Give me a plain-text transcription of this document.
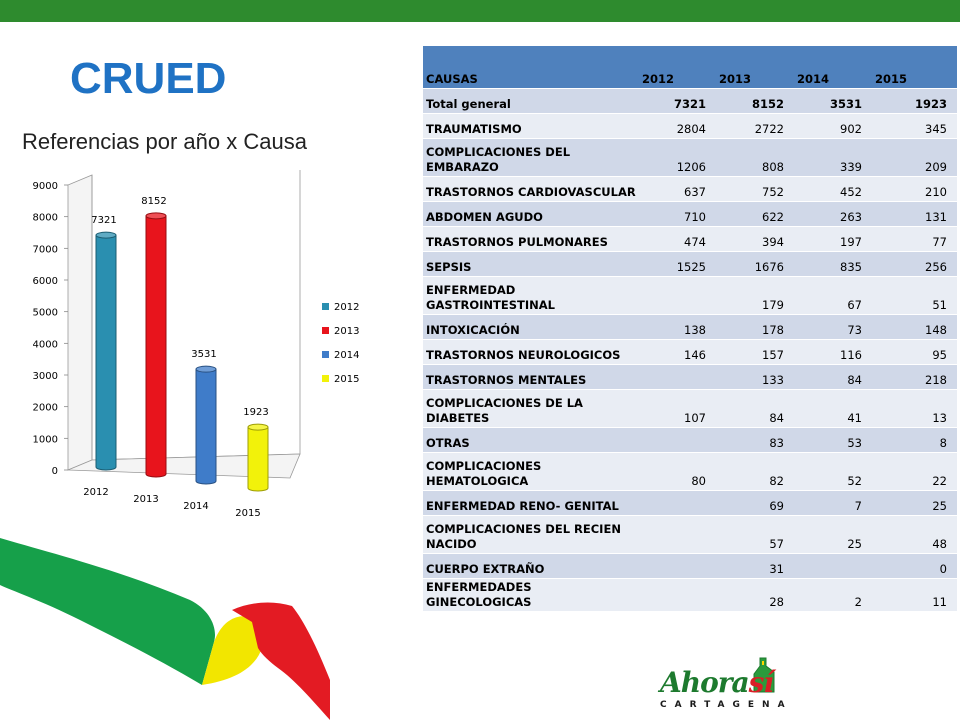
CRUED

Referencias por año x Causa

0
1000
2000
3000
4000
5000
6000
7000
8000
9000
7321
2012
8152
2013
3531
2014
1923
2015
2012
2013
2014
2015
CAUSAS	2012	2013	2014	2015
Total general	7321	8152	3531	1923
TRAUMATISMO	2804	2722	902	345
COMPLICACIONES DEL EMBARAZO	1206	808	339	209
TRASTORNOS CARDIOVASCULAR	637	752	452	210
ABDOMEN AGUDO	710	622	263	131
TRASTORNOS PULMONARES	474	394	197	77
SEPSIS	1525	1676	835	256
ENFERMEDAD GASTROINTESTINAL		179	67	51
INTOXICACIÓN	138	178	73	148
TRASTORNOS NEUROLOGICOS	146	157	116	95
TRASTORNOS MENTALES		133	84	218
COMPLICACIONES DE LA DIABETES	107	84	41	13
OTRAS		83	53	8
COMPLICACIONES HEMATOLOGICA	80	82	52	22
ENFERMEDAD RENO- GENITAL		69	7	25
COMPLICACIONES DEL RECIEN NACIDO		57	25	48
CUERPO EXTRAÑO		31		0
ENFERMEDADES GINECOLOGICAS		28	2	11

Ahorasí

CARTAGENA
